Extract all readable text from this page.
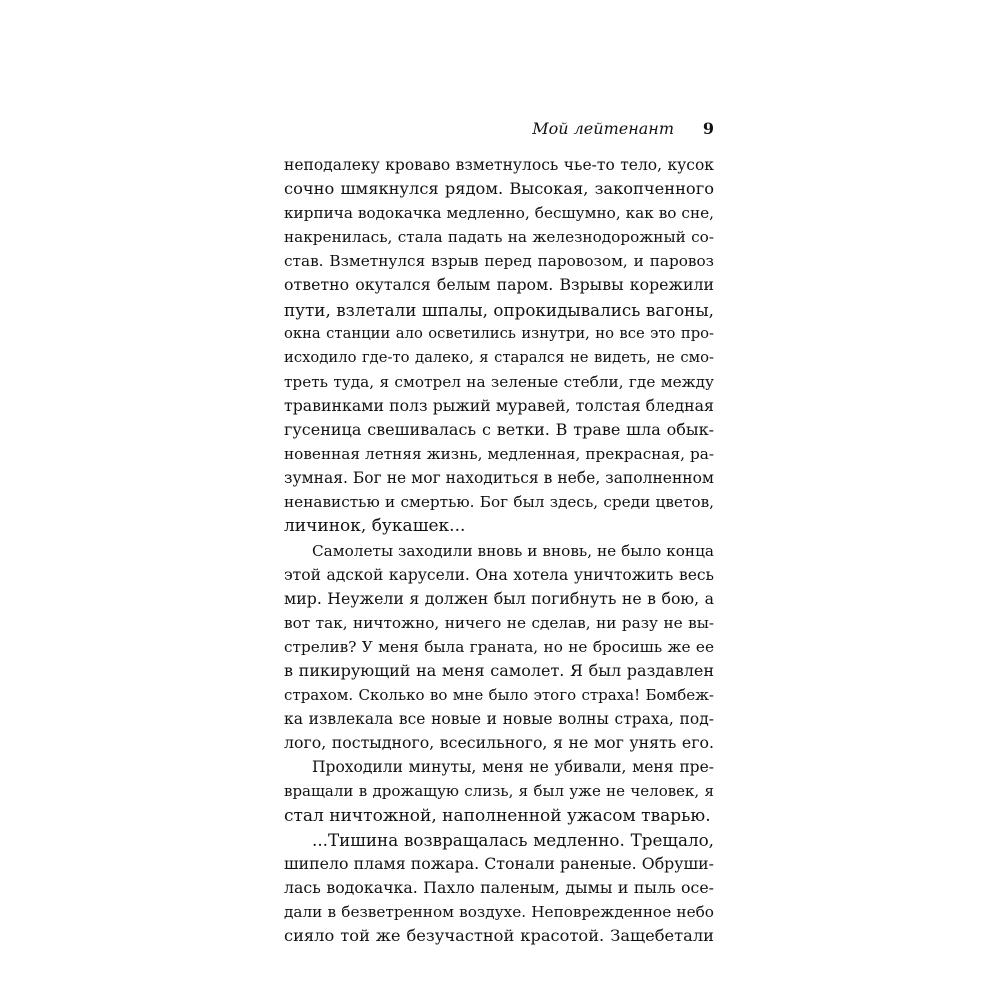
Мой лейтенант 9
неподалеку кроваво взметнулось чье-то тело, кусок
сочно шмякнулся рядом. Высокая, закопченного
кирпича водокачка медленно, бесшумно, как во сне,
накренилась, стала падать на железнодорожный со-
став. Взметнулся взрыв перед паровозом, и паровоз
ответно окутался белым паром. Взрывы корежили
пути, взлетали шпалы, опрокидывались вагоны,
окна станции ало осветились изнутри, но все это про-
исходило где-то далеко, я старался не видеть, не смо-
треть туда, я смотрел на зеленые стебли, где между
травинками полз рыжий муравей, толстая бледная
гусеница свешивалась с ветки. В траве шла обык-
новенная летняя жизнь, медленная, прекрасная, ра-
зумная. Бог не мог находиться в небе, заполненном
ненавистью и смертью. Бог был здесь, среди цветов,
личинок, букашек...
Самолеты заходили вновь и вновь, не было конца
этой адской карусели. Она хотела уничтожить весь
мир. Неужели я должен был погибнуть не в бою, а
вот так, ничтожно, ничего не сделав, ни разу не вы-
стрелив? У меня была граната, но не бросишь же ее
в пикирующий на меня самолет. Я был раздавлен
страхом. Сколько во мне было этого страха! Бомбеж-
ка извлекала все новые и новые волны страха, под-
лого, постыдного, всесильного, я не мог унять его.
Проходили минуты, меня не убивали, меня пре-
вращали в дрожащую слизь, я был уже не человек, я
стал ничтожной, наполненной ужасом тварью.
...Тишина возвращалась медленно. Трещало,
шипело пламя пожара. Стонали раненые. Обруши-
лась водокачка. Пахло паленым, дымы и пыль осе-
дали в безветренном воздухе. Неповрежденное небо
сияло той же безучастной красотой. Защебетали
